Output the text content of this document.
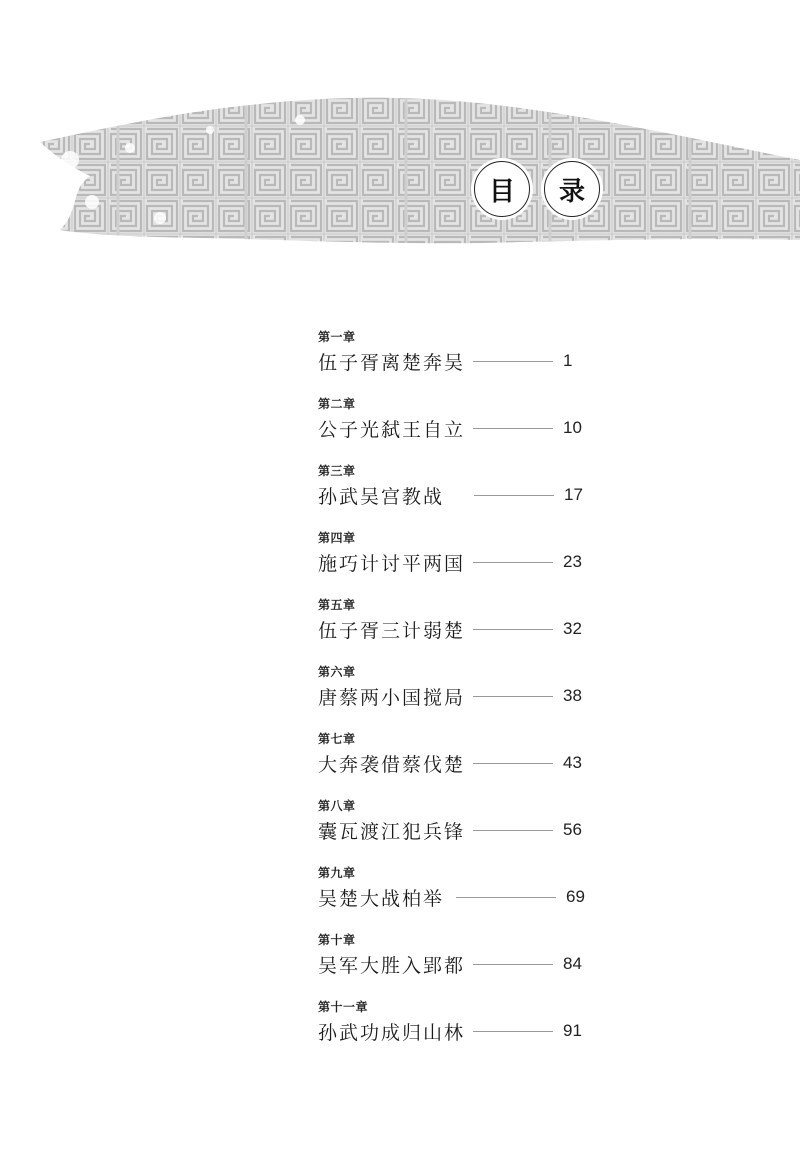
目	录
第一章
伍子胥离楚奔吴	1
第二章
公子光弑王自立	10
第三章
孙武吴宫教战	17
第四章
施巧计讨平两国	23
第五章
伍子胥三计弱楚	32
第六章
唐蔡两小国搅局	38
第七章
大奔袭借蔡伐楚	43
第八章
囊瓦渡江犯兵锋	56
第九章
吴楚大战柏举	69
第十章
吴军大胜入郢都	84
第十一章
孙武功成归山林	91
